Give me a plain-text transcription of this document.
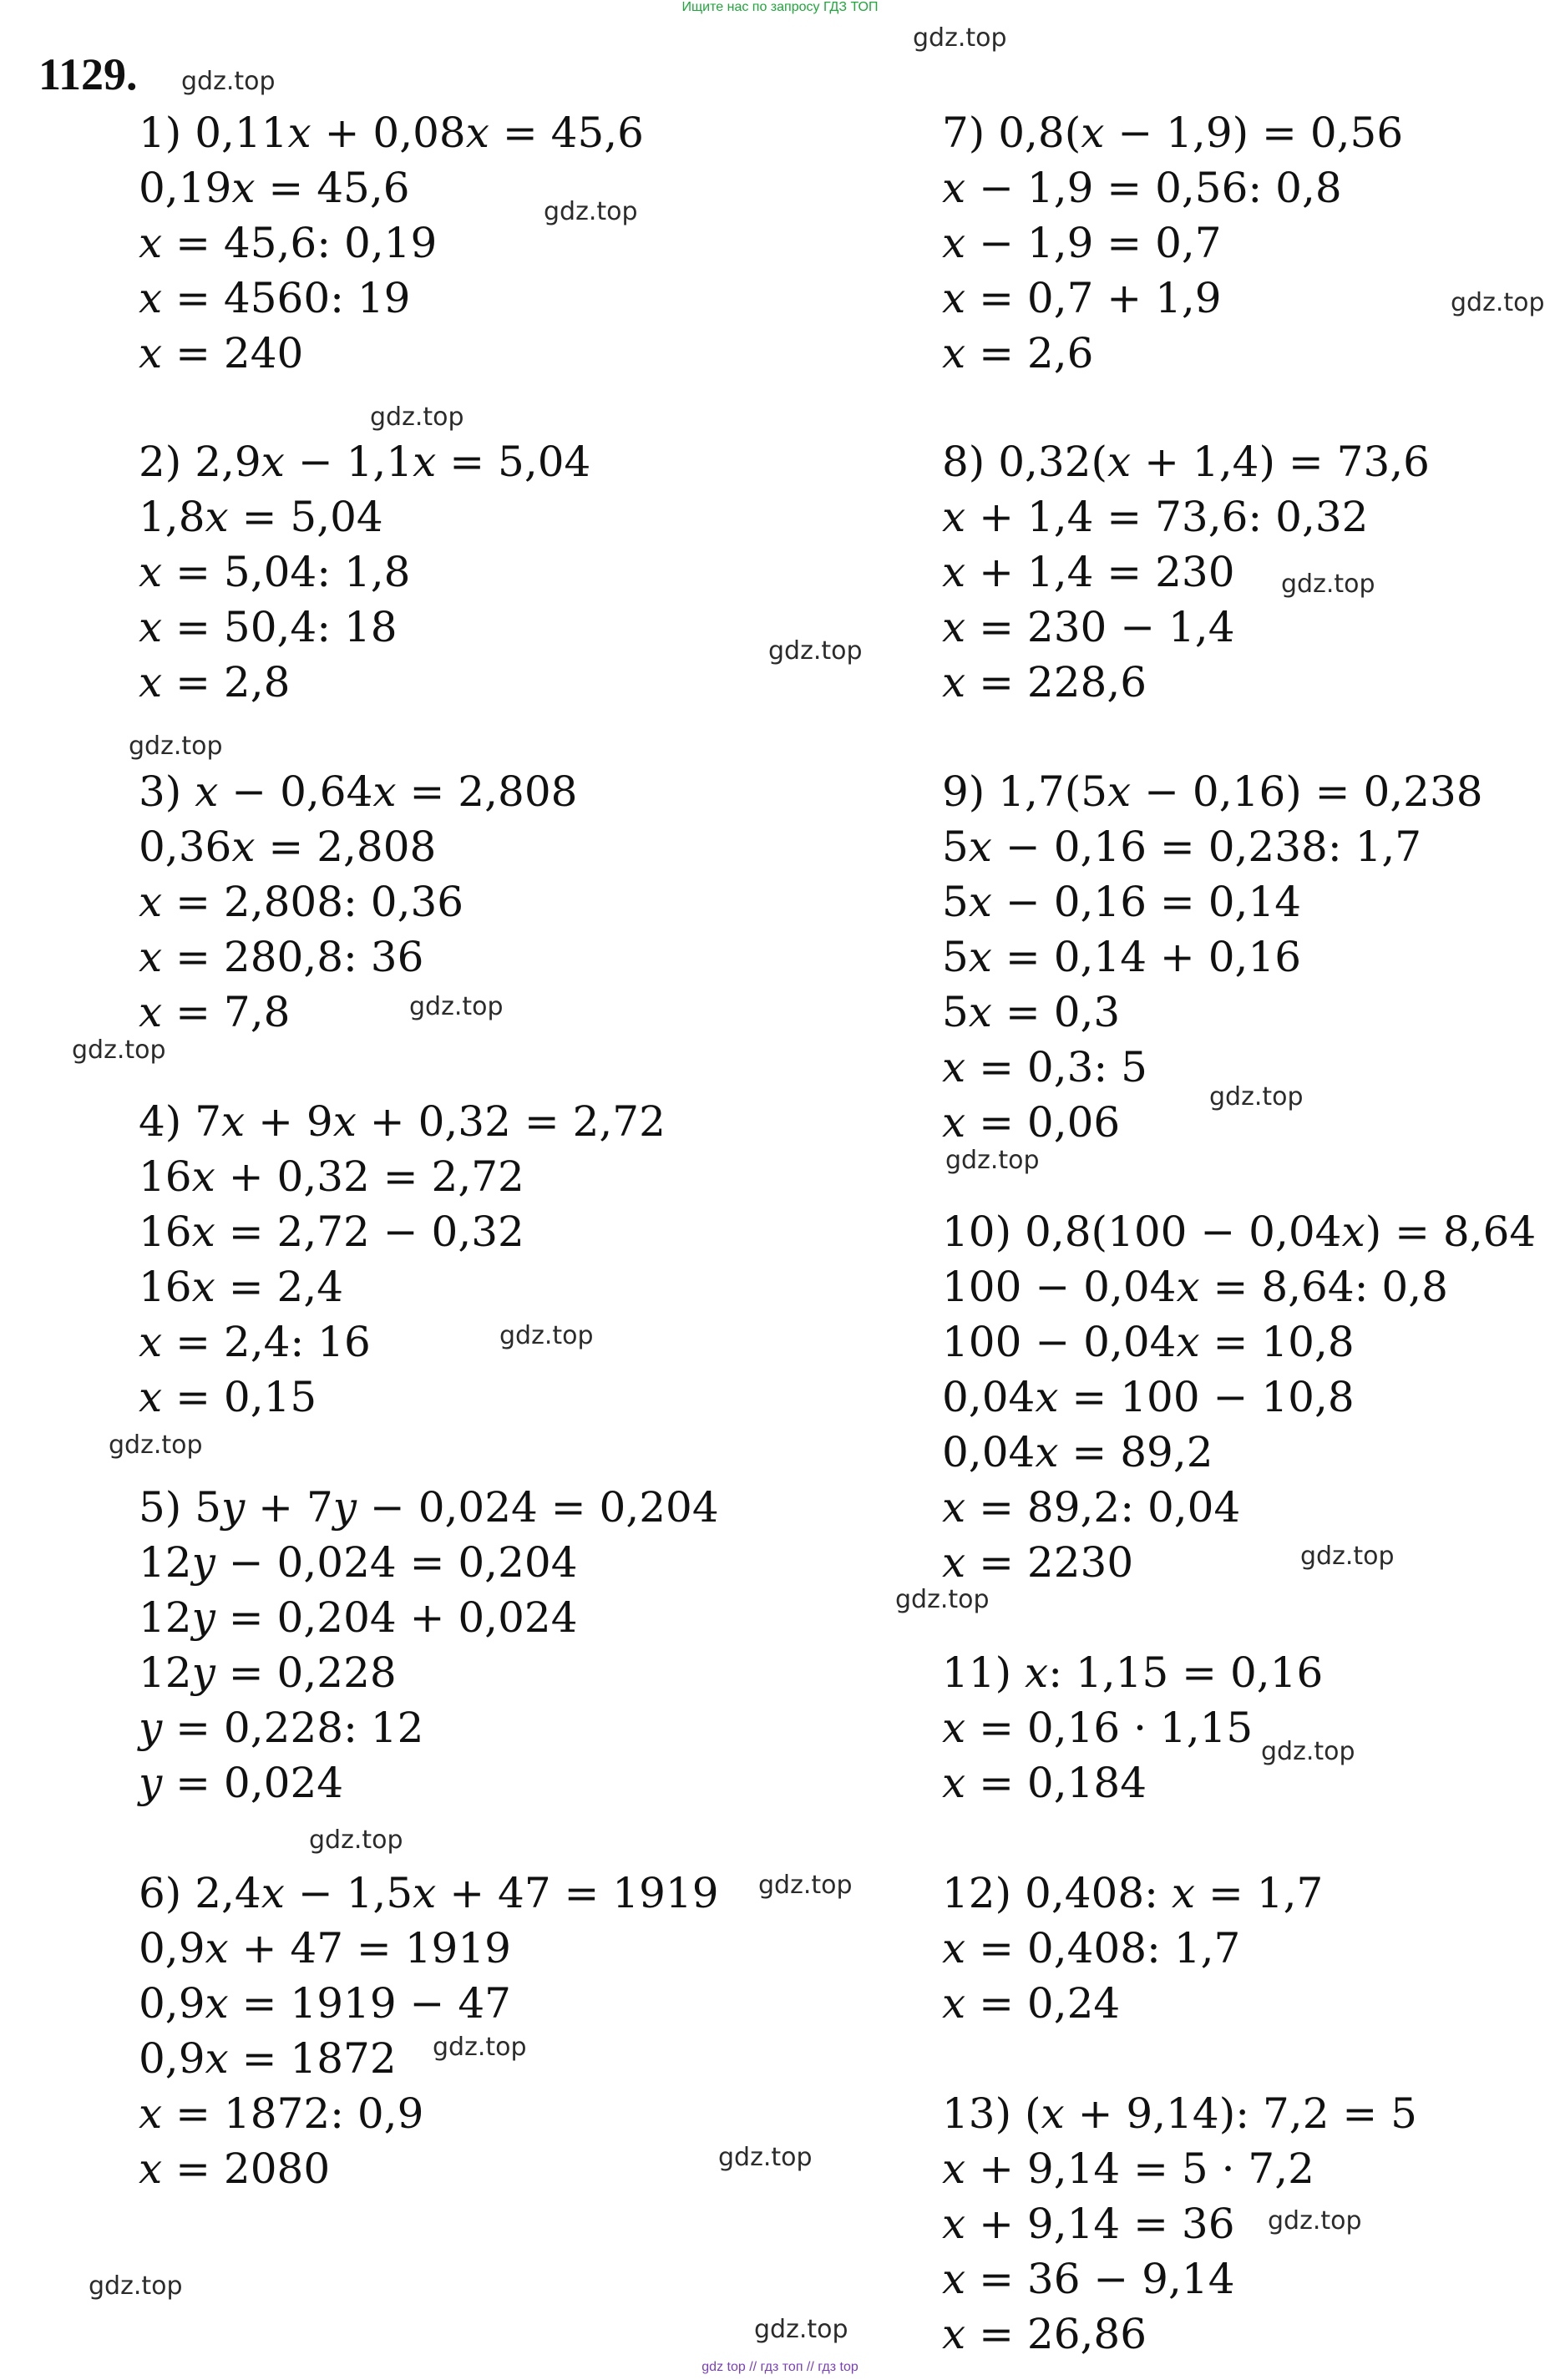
Ищите нас по запросу ГДЗ ТОП
1129.
1) 0,11𝑥 + 0,08𝑥 = 45,6
0,19𝑥 = 45,6
𝑥 = 45,6: 0,19
𝑥 = 4560: 19
𝑥 = 240
2) 2,9𝑥 − 1,1𝑥 = 5,04
1,8𝑥 = 5,04
𝑥 = 5,04: 1,8
𝑥 = 50,4: 18
𝑥 = 2,8
3) 𝑥 − 0,64𝑥 = 2,808
0,36𝑥 = 2,808
𝑥 = 2,808: 0,36
𝑥 = 280,8: 36
𝑥 = 7,8
4) 7𝑥 + 9𝑥 + 0,32 = 2,72
16𝑥 + 0,32 = 2,72
16𝑥 = 2,72 − 0,32
16𝑥 = 2,4
𝑥 = 2,4: 16
𝑥 = 0,15
5) 5𝑦 + 7𝑦 − 0,024 = 0,204
12𝑦 − 0,024 = 0,204
12𝑦 = 0,204 + 0,024
12𝑦 = 0,228
𝑦 = 0,228: 12
𝑦 = 0,024
6) 2,4𝑥 − 1,5𝑥 + 47 = 1919
0,9𝑥 + 47 = 1919
0,9𝑥 = 1919 − 47
0,9𝑥 = 1872
𝑥 = 1872: 0,9
𝑥 = 2080
7) 0,8(𝑥 − 1,9) = 0,56
𝑥 − 1,9 = 0,56: 0,8
𝑥 − 1,9 = 0,7
𝑥 = 0,7 + 1,9
𝑥 = 2,6
8) 0,32(𝑥 + 1,4) = 73,6
𝑥 + 1,4 = 73,6: 0,32
𝑥 + 1,4 = 230
𝑥 = 230 − 1,4
𝑥 = 228,6
9) 1,7(5𝑥 − 0,16) = 0,238
5𝑥 − 0,16 = 0,238: 1,7
5𝑥 − 0,16 = 0,14
5𝑥 = 0,14 + 0,16
5𝑥 = 0,3
𝑥 = 0,3: 5
𝑥 = 0,06
10) 0,8(100 − 0,04𝑥) = 8,64
100 − 0,04𝑥 = 8,64: 0,8
100 − 0,04𝑥 = 10,8
0,04𝑥 = 100 − 10,8
0,04𝑥 = 89,2
𝑥 = 89,2: 0,04
𝑥 = 2230
11) 𝑥: 1,15 = 0,16
𝑥 = 0,16 · 1,15
𝑥 = 0,184
12) 0,408: 𝑥 = 1,7
𝑥 = 0,408: 1,7
𝑥 = 0,24
13) (𝑥 + 9,14): 7,2 = 5
𝑥 + 9,14 = 5 · 7,2
𝑥 + 9,14 = 36
𝑥 = 36 − 9,14
𝑥 = 26,86
gdz.top
gdz.top
gdz.top
gdz.top
gdz.top
gdz.top
gdz.top
gdz.top
gdz.top
gdz.top
gdz.top
gdz.top
gdz.top
gdz.top
gdz.top
gdz.top
gdz.top
gdz.top
gdz.top
gdz.top
gdz.top
gdz.top
gdz.top
gdz.top
gdz top // гдз топ // гдз top
